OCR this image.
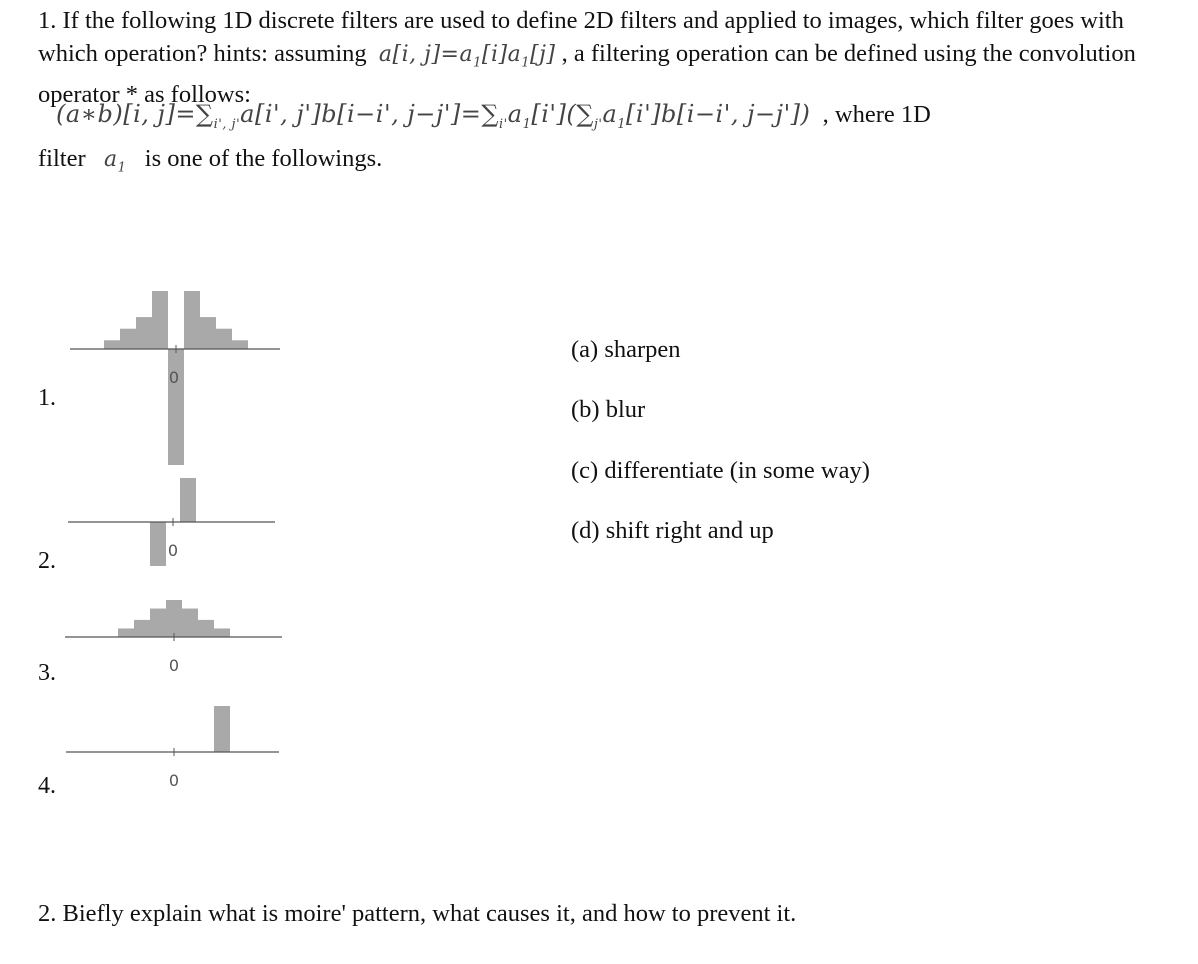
1. If the following 1D discrete filters are used to define 2D filters and applied to images, which filter goes with which operation? hints: assuming a[i, $j]=a_1[i]a_1[j]$ , a filtering operation can be defined using the convolution operator * as follows:
(a∗b)[i, $j]=\sum_{i', j'}a[i'$, j']b[i−i', $j-j']=\sum_{i'}a_1[i'](\sum_{j'}a_1[i']b[i-i'$, j−j']) , where 1D
filter $a_1$ is one of the followings.
0
0
0
0
1.
2.
3.
4.
(a) sharpen
(b) blur
(c) differentiate (in some way)
(d) shift right and up
2. Biefly explain what is moire' pattern, what causes it, and how to prevent it.
